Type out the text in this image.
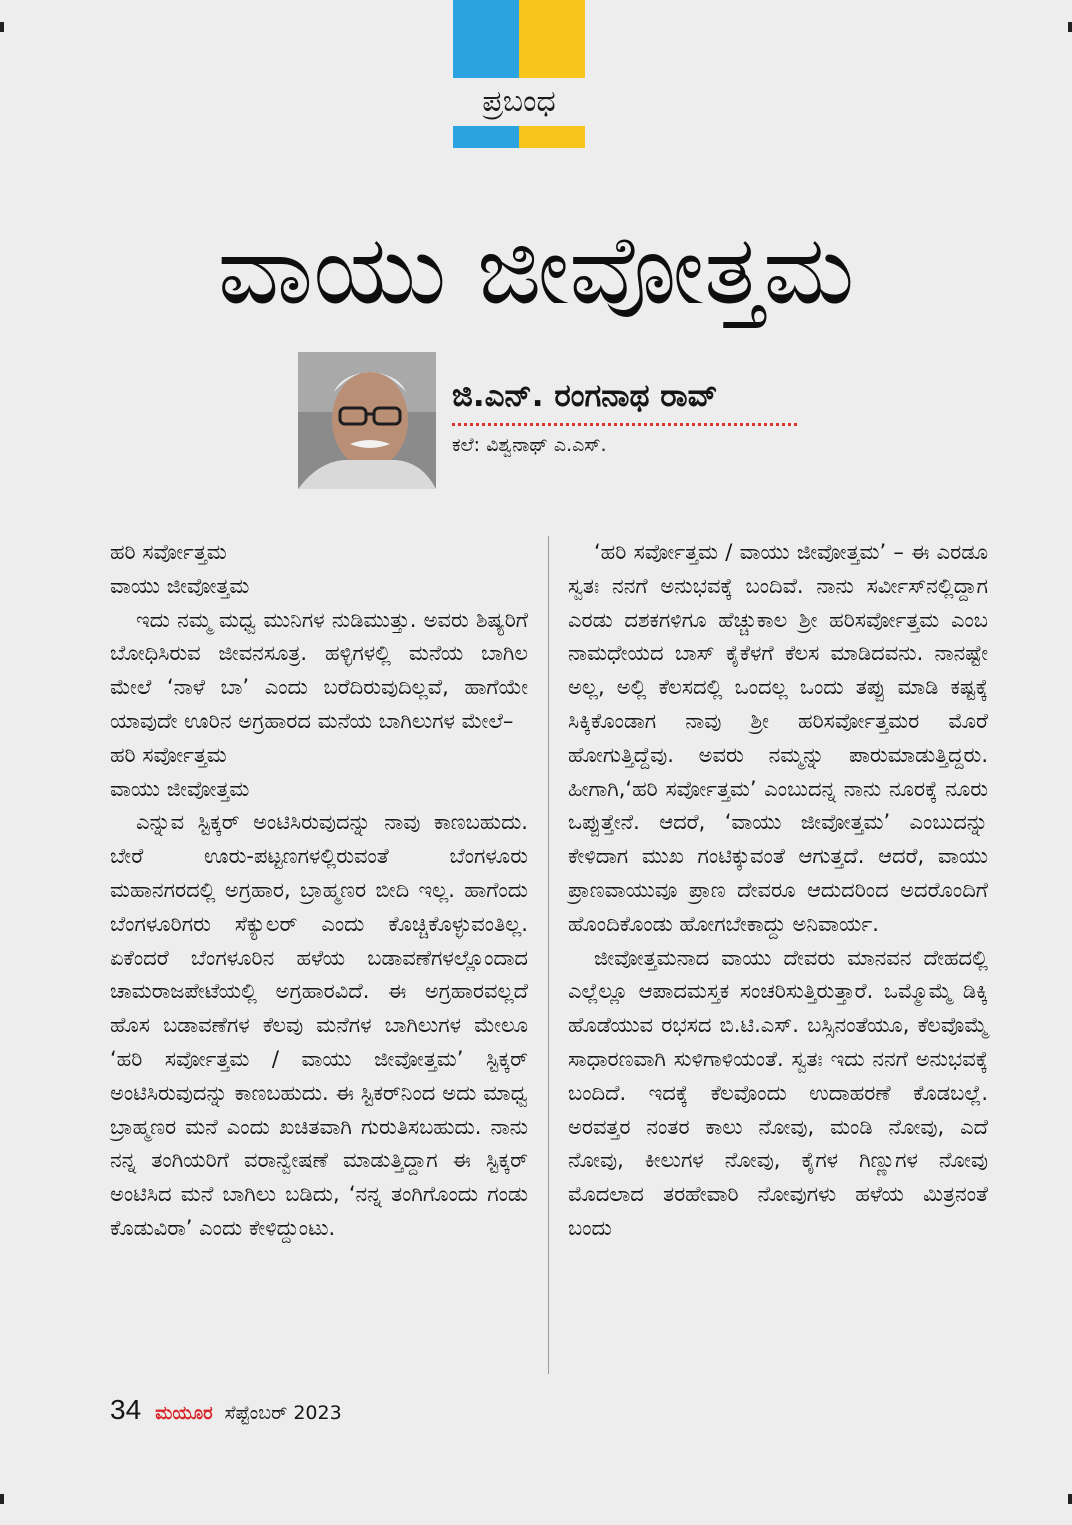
ಪ್ರಬಂಧ
ವಾಯು ಜೀವೋತ್ತಮ
ಜಿ.ಎನ್. ರಂಗನಾಥ ರಾವ್
ಕಲೆ: ವಿಶ್ವನಾಥ್ ಎ.ಎಸ್.

ಹರಿ ಸರ್ವೋತ್ತಮ

ವಾಯು ಜೀವೋತ್ತಮ

ಇದು ನಮ್ಮ ಮಧ್ವ ಮುನಿಗಳ ನುಡಿಮುತ್ತು. ಅವರು ಶಿಷ್ಯರಿಗೆ ಬೋಧಿಸಿರುವ ಜೀವನಸೂತ್ರ. ಹಳ್ಳಿಗಳಲ್ಲಿ ಮನೆಯ ಬಾಗಿಲ ಮೇಲೆ ‘ನಾಳೆ ಬಾ’ ಎಂದು ಬರೆದಿರುವುದಿಲ್ಲವೆ, ಹಾಗೆಯೇ ಯಾವುದೇ ಊರಿನ ಅಗ್ರಹಾರದ ಮನೆಯ ಬಾಗಿಲುಗಳ ಮೇಲೆ–

ಹರಿ ಸರ್ವೋತ್ತಮ

ವಾಯು ಜೀವೋತ್ತಮ

ಎನ್ನುವ ಸ್ಟಿಕ್ಕರ್ ಅಂಟಿಸಿರುವುದನ್ನು ನಾವು ಕಾಣಬಹುದು. ಬೇರೆ ಊರು-ಪಟ್ಟಣಗಳಲ್ಲಿರುವಂತೆ ಬೆಂಗಳೂರು ಮಹಾನಗರದಲ್ಲಿ ಅಗ್ರಹಾರ, ಬ್ರಾಹ್ಮಣರ ಬೀದಿ ಇಲ್ಲ. ಹಾಗೆಂದು ಬೆಂಗಳೂರಿಗರು ಸೆಕ್ಯುಲರ್ ಎಂದು ಕೊಚ್ಚಿಕೊಳ್ಳುವಂತಿಲ್ಲ. ಏಕೆಂದರೆ ಬೆಂಗಳೂರಿನ ಹಳೆಯ ಬಡಾವಣೆಗಳಲ್ಲೊಂದಾದ ಚಾಮರಾಜಪೇಟೆಯಲ್ಲಿ ಅಗ್ರಹಾರವಿದೆ. ಈ ಅಗ್ರಹಾರವಲ್ಲದೆ ಹೊಸ ಬಡಾವಣೆಗಳ ಕೆಲವು ಮನೆಗಳ ಬಾಗಿಲುಗಳ ಮೇಲೂ ‘ಹರಿ ಸರ್ವೋತ್ತಮ / ವಾಯು ಜೀವೋತ್ತಮ’ ಸ್ಟಿಕ್ಕರ್ ಅಂಟಿಸಿರುವುದನ್ನು ಕಾಣಬಹುದು. ಈ ಸ್ಟಿಕರ್‌ನಿಂದ ಅದು ಮಾಧ್ವ ಬ್ರಾಹ್ಮಣರ ಮನೆ ಎಂದು ಖಚಿತವಾಗಿ ಗುರುತಿಸಬಹುದು. ನಾನು ನನ್ನ ತಂಗಿಯರಿಗೆ ವರಾನ್ವೇಷಣೆ ಮಾಡುತ್ತಿದ್ದಾಗ ಈ ಸ್ಟಿಕ್ಕರ್ ಅಂಟಿಸಿದ ಮನೆ ಬಾಗಿಲು ಬಡಿದು, ‘ನನ್ನ ತಂಗಿಗೊಂದು ಗಂಡು ಕೊಡುವಿರಾ’ ಎಂದು ಕೇಳಿದ್ದುಂಟು.

‘ಹರಿ ಸರ್ವೋತ್ತಮ / ವಾಯು ಜೀವೋತ್ತಮ’ – ಈ ಎರಡೂ ಸ್ವತಃ ನನಗೆ ಅನುಭವಕ್ಕೆ ಬಂದಿವೆ. ನಾನು ಸರ್ವೀಸ್‌ನಲ್ಲಿದ್ದಾಗ ಎರಡು ದಶಕಗಳಿಗೂ ಹೆಚ್ಚುಕಾಲ ಶ್ರೀ ಹರಿಸರ್ವೋತ್ತಮ ಎಂಬ ನಾಮಧೇಯದ ಬಾಸ್ ಕೈಕೆಳಗೆ ಕೆಲಸ ಮಾಡಿದವನು. ನಾನಷ್ಟೇ ಅಲ್ಲ, ಅಲ್ಲಿ ಕೆಲಸದಲ್ಲಿ ಒಂದಲ್ಲ ಒಂದು ತಪ್ಪು ಮಾಡಿ ಕಷ್ಟಕ್ಕೆ ಸಿಕ್ಕಿಕೊಂಡಾಗ ನಾವು ಶ್ರೀ ಹರಿಸರ್ವೋತ್ತಮರ ಮೊರೆ ಹೋಗುತ್ತಿದ್ದೆವು. ಅವರು ನಮ್ಮನ್ನು ಪಾರುಮಾಡುತ್ತಿದ್ದರು. ಹೀಗಾಗಿ,‘ಹರಿ ಸರ್ವೋತ್ತಮ’ ಎಂಬುದನ್ನ ನಾನು ನೂರಕ್ಕೆ ನೂರು ಒಪ್ಪುತ್ತೇನೆ. ಆದರೆ, ‘ವಾಯು ಜೀವೋತ್ತಮ’ ಎಂಬುದನ್ನು ಕೇಳಿದಾಗ ಮುಖ ಗಂಟಿಕ್ಕುವಂತೆ ಆಗುತ್ತದೆ. ಆದರೆ, ವಾಯು ಪ್ರಾಣವಾಯುವೂ ಪ್ರಾಣ ದೇವರೂ ಆದುದರಿಂದ ಅದರೊಂದಿಗೆ ಹೊಂದಿಕೊಂಡು ಹೋಗಬೇಕಾದ್ದು ಅನಿವಾರ್ಯ.

ಜೀವೋತ್ತಮನಾದ ವಾಯು ದೇವರು ಮಾನವನ ದೇಹದಲ್ಲಿ ಎಲ್ಲೆಲ್ಲೂ ಆಪಾದಮಸ್ತಕ ಸಂಚರಿಸುತ್ತಿರುತ್ತಾರೆ. ಒಮ್ಮೊಮ್ಮೆ ಡಿಕ್ಕಿ ಹೊಡೆಯುವ ರಭಸದ ಬಿ.ಟಿ.ಎಸ್. ಬಸ್ಸಿನಂತೆಯೂ, ಕೆಲವೊಮ್ಮೆ ಸಾಧಾರಣವಾಗಿ ಸುಳಿಗಾಳಿಯಂತೆ. ಸ್ವತಃ ಇದು ನನಗೆ ಅನುಭವಕ್ಕೆ ಬಂದಿದೆ. ಇದಕ್ಕೆ ಕೆಲವೊಂದು ಉದಾಹರಣೆ ಕೊಡಬಲ್ಲೆ. ಅರವತ್ತರ ನಂತರ ಕಾಲು ನೋವು, ಮಂಡಿ ನೋವು, ಎದೆ ನೋವು, ಕೀಲುಗಳ ನೋವು, ಕೈಗಳ ಗಿಣ್ಣುಗಳ ನೋವು ಮೊದಲಾದ ತರಹೇವಾರಿ ನೋವುಗಳು ಹಳೆಯ ಮಿತ್ರನಂತೆ ಬಂದು

34 ಮಯೂರ ಸೆಪ್ಟೆಂಬರ್ 2023
